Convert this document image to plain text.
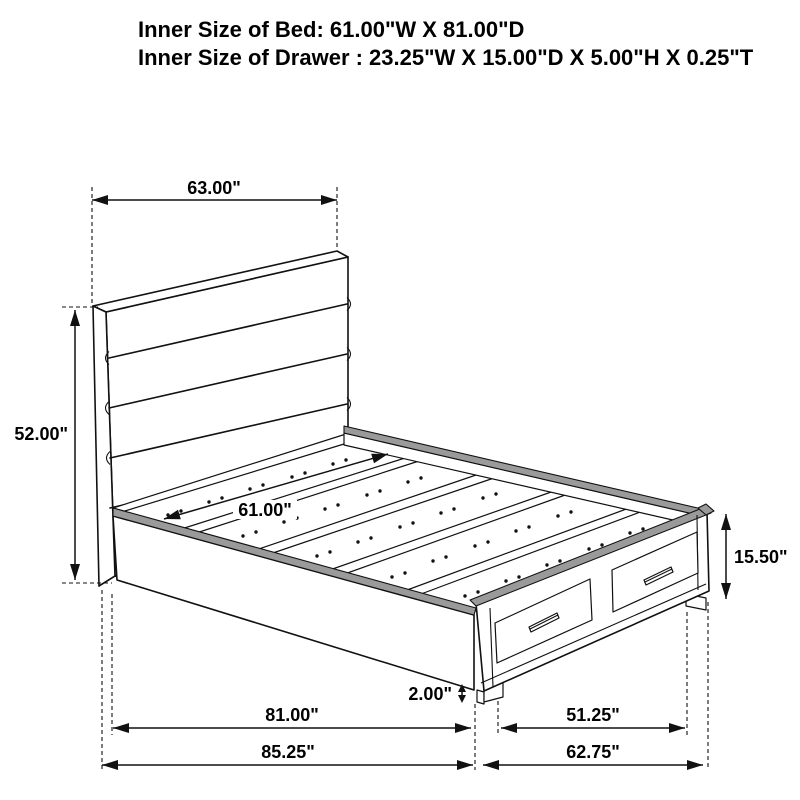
Inner Size of Bed: 61.00"W X 81.00"D
Inner Size of Drawer : 23.25"W X 15.00"D X 5.00"H X 0.25"T
63.00"
52.00"
61.00"
15.50"
2.00"
81.00"	51.25"
85.25"	62.75"
